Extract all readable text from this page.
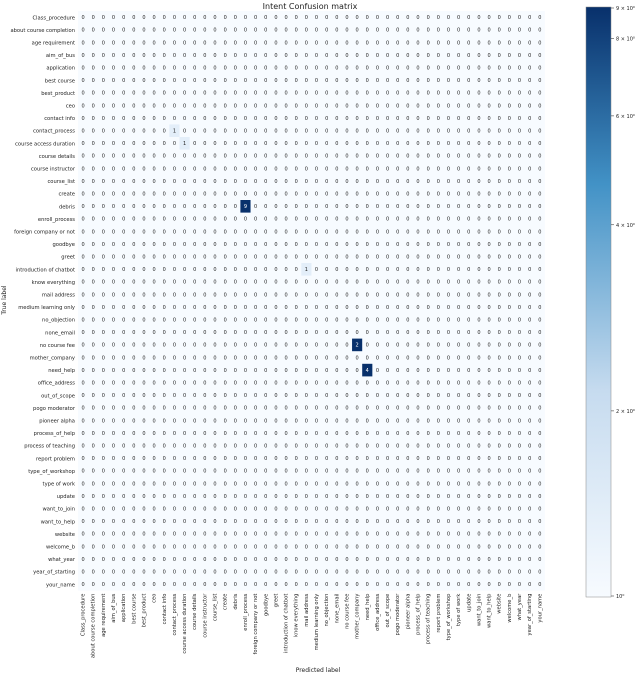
Intent Confusion matrix
0 0 0 0 0 0 0 0 0 0 0 0 0 0 0 0 0 0 0 0 0 0 0 0 0 0 0 0 0 0 0 0 0 0 0 0 0 0 0 0 0 0 0 0 0 0
0 0 0 0 0 0 0 0 0 0 0 0 0 0 0 0 0 0 0 0 0 0 0 0 0 0 0 0 0 0 0 0 0 0 0 0 0 0 0 0 0 0 0 0 0 0
0 0 0 0 0 0 0 0 0 0 0 0 0 0 0 0 0 0 0 0 0 0 0 0 0 0 0 0 0 0 0 0 0 0 0 0 0 0 0 0 0 0 0 0 0 0
0 0 0 0 0 0 0 0 0 0 0 0 0 0 0 0 0 0 0 0 0 0 0 0 0 0 0 0 0 0 0 0 0 0 0 0 0 0 0 0 0 0 0 0 0 0
0 0 0 0 0 0 0 0 0 0 0 0 0 0 0 0 0 0 0 0 0 0 0 0 0 0 0 0 0 0 0 0 0 0 0 0 0 0 0 0 0 0 0 0 0 0
0 0 0 0 0 0 0 0 0 0 0 0 0 0 0 0 0 0 0 0 0 0 0 0 0 0 0 0 0 0 0 0 0 0 0 0 0 0 0 0 0 0 0 0 0 0
0 0 0 0 0 0 0 0 0 0 0 0 0 0 0 0 0 0 0 0 0 0 0 0 0 0 0 0 0 0 0 0 0 0 0 0 0 0 0 0 0 0 0 0 0 0
0 0 0 0 0 0 0 0 0 0 0 0 0 0 0 0 0 0 0 0 0 0 0 0 0 0 0 0 0 0 0 0 0 0 0 0 0 0 0 0 0 0 0 0 0 0
0 0 0 0 0 0 0 0 0 0 0 0 0 0 0 0 0 0 0 0 0 0 0 0 0 0 0 0 0 0 0 0 0 0 0 0 0 0 0 0 0 0 0 0 0 0
0 0 0 0 0 0 0 0 0 1 0 0 0 0 0 0 0 0 0 0 0 0 0 0 0 0 0 0 0 0 0 0 0 0 0 0 0 0 0 0 0 0 0 0 0 0
0 0 0 0 0 0 0 0 0 0 1 0 0 0 0 0 0 0 0 0 0 0 0 0 0 0 0 0 0 0 0 0 0 0 0 0 0 0 0 0 0 0 0 0 0 0
0 0 0 0 0 0 0 0 0 0 0 0 0 0 0 0 0 0 0 0 0 0 0 0 0 0 0 0 0 0 0 0 0 0 0 0 0 0 0 0 0 0 0 0 0 0
0 0 0 0 0 0 0 0 0 0 0 0 0 0 0 0 0 0 0 0 0 0 0 0 0 0 0 0 0 0 0 0 0 0 0 0 0 0 0 0 0 0 0 0 0 0
0 0 0 0 0 0 0 0 0 0 0 0 0 0 0 0 0 0 0 0 0 0 0 0 0 0 0 0 0 0 0 0 0 0 0 0 0 0 0 0 0 0 0 0 0 0
0 0 0 0 0 0 0 0 0 0 0 0 0 0 0 0 0 0 0 0 0 0 0 0 0 0 0 0 0 0 0 0 0 0 0 0 0 0 0 0 0 0 0 0 0 0
0 0 0 0 0 0 0 0 0 0 0 0 0 0 0 0 9 0 0 0 0 0 0 0 0 0 0 0 0 0 0 0 0 0 0 0 0 0 0 0 0 0 0 0 0 0
0 0 0 0 0 0 0 0 0 0 0 0 0 0 0 0 0 0 0 0 0 0 0 0 0 0 0 0 0 0 0 0 0 0 0 0 0 0 0 0 0 0 0 0 0 0
0 0 0 0 0 0 0 0 0 0 0 0 0 0 0 0 0 0 0 0 0 0 0 0 0 0 0 0 0 0 0 0 0 0 0 0 0 0 0 0 0 0 0 0 0 0
0 0 0 0 0 0 0 0 0 0 0 0 0 0 0 0 0 0 0 0 0 0 0 0 0 0 0 0 0 0 0 0 0 0 0 0 0 0 0 0 0 0 0 0 0 0
0 0 0 0 0 0 0 0 0 0 0 0 0 0 0 0 0 0 0 0 0 0 0 0 0 0 0 0 0 0 0 0 0 0 0 0 0 0 0 0 0 0 0 0 0 0
0 0 0 0 0 0 0 0 0 0 0 0 0 0 0 0 0 0 0 0 0 0 1 0 0 0 0 0 0 0 0 0 0 0 0 0 0 0 0 0 0 0 0 0 0 0
0 0 0 0 0 0 0 0 0 0 0 0 0 0 0 0 0 0 0 0 0 0 0 0 0 0 0 0 0 0 0 0 0 0 0 0 0 0 0 0 0 0 0 0 0 0
0 0 0 0 0 0 0 0 0 0 0 0 0 0 0 0 0 0 0 0 0 0 0 0 0 0 0 0 0 0 0 0 0 0 0 0 0 0 0 0 0 0 0 0 0 0
0 0 0 0 0 0 0 0 0 0 0 0 0 0 0 0 0 0 0 0 0 0 0 0 0 0 0 0 0 0 0 0 0 0 0 0 0 0 0 0 0 0 0 0 0 0
0 0 0 0 0 0 0 0 0 0 0 0 0 0 0 0 0 0 0 0 0 0 0 0 0 0 0 0 0 0 0 0 0 0 0 0 0 0 0 0 0 0 0 0 0 0
0 0 0 0 0 0 0 0 0 0 0 0 0 0 0 0 0 0 0 0 0 0 0 0 0 0 0 0 0 0 0 0 0 0 0 0 0 0 0 0 0 0 0 0 0 0
0 0 0 0 0 0 0 0 0 0 0 0 0 0 0 0 0 0 0 0 0 0 0 0 0 0 0 2 0 0 0 0 0 0 0 0 0 0 0 0 0 0 0 0 0 0
0 0 0 0 0 0 0 0 0 0 0 0 0 0 0 0 0 0 0 0 0 0 0 0 0 0 0 0 0 0 0 0 0 0 0 0 0 0 0 0 0 0 0 0 0 0
0 0 0 0 0 0 0 0 0 0 0 0 0 0 0 0 0 0 0 0 0 0 0 0 0 0 0 0 4 0 0 0 0 0 0 0 0 0 0 0 0 0 0 0 0 0
0 0 0 0 0 0 0 0 0 0 0 0 0 0 0 0 0 0 0 0 0 0 0 0 0 0 0 0 0 0 0 0 0 0 0 0 0 0 0 0 0 0 0 0 0 0
0 0 0 0 0 0 0 0 0 0 0 0 0 0 0 0 0 0 0 0 0 0 0 0 0 0 0 0 0 0 0 0 0 0 0 0 0 0 0 0 0 0 0 0 0 0
0 0 0 0 0 0 0 0 0 0 0 0 0 0 0 0 0 0 0 0 0 0 0 0 0 0 0 0 0 0 0 0 0 0 0 0 0 0 0 0 0 0 0 0 0 0
0 0 0 0 0 0 0 0 0 0 0 0 0 0 0 0 0 0 0 0 0 0 0 0 0 0 0 0 0 0 0 0 0 0 0 0 0 0 0 0 0 0 0 0 0 0
0 0 0 0 0 0 0 0 0 0 0 0 0 0 0 0 0 0 0 0 0 0 0 0 0 0 0 0 0 0 0 0 0 0 0 0 0 0 0 0 0 0 0 0 0 0
0 0 0 0 0 0 0 0 0 0 0 0 0 0 0 0 0 0 0 0 0 0 0 0 0 0 0 0 0 0 0 0 0 0 0 0 0 0 0 0 0 0 0 0 0 0
0 0 0 0 0 0 0 0 0 0 0 0 0 0 0 0 0 0 0 0 0 0 0 0 0 0 0 0 0 0 0 0 0 0 0 0 0 0 0 0 0 0 0 0 0 0
0 0 0 0 0 0 0 0 0 0 0 0 0 0 0 0 0 0 0 0 0 0 0 0 0 0 0 0 0 0 0 0 0 0 0 0 0 0 0 0 0 0 0 0 0 0
0 0 0 0 0 0 0 0 0 0 0 0 0 0 0 0 0 0 0 0 0 0 0 0 0 0 0 0 0 0 0 0 0 0 0 0 0 0 0 0 0 0 0 0 0 0
0 0 0 0 0 0 0 0 0 0 0 0 0 0 0 0 0 0 0 0 0 0 0 0 0 0 0 0 0 0 0 0 0 0 0 0 0 0 0 0 0 0 0 0 0 0
0 0 0 0 0 0 0 0 0 0 0 0 0 0 0 0 0 0 0 0 0 0 0 0 0 0 0 0 0 0 0 0 0 0 0 0 0 0 0 0 0 0 0 0 0 0
0 0 0 0 0 0 0 0 0 0 0 0 0 0 0 0 0 0 0 0 0 0 0 0 0 0 0 0 0 0 0 0 0 0 0 0 0 0 0 0 0 0 0 0 0 0
0 0 0 0 0 0 0 0 0 0 0 0 0 0 0 0 0 0 0 0 0 0 0 0 0 0 0 0 0 0 0 0 0 0 0 0 0 0 0 0 0 0 0 0 0 0
0 0 0 0 0 0 0 0 0 0 0 0 0 0 0 0 0 0 0 0 0 0 0 0 0 0 0 0 0 0 0 0 0 0 0 0 0 0 0 0 0 0 0 0 0 0
0 0 0 0 0 0 0 0 0 0 0 0 0 0 0 0 0 0 0 0 0 0 0 0 0 0 0 0 0 0 0 0 0 0 0 0 0 0 0 0 0 0 0 0 0 0
0 0 0 0 0 0 0 0 0 0 0 0 0 0 0 0 0 0 0 0 0 0 0 0 0 0 0 0 0 0 0 0 0 0 0 0 0 0 0 0 0 0 0 0 0 0
0 0 0 0 0 0 0 0 0 0 0 0 0 0 0 0 0 0 0 0 0 0 0 0 0 0 0 0 0 0 0 0 0 0 0 0 0 0 0 0 0 0 0 0 0 0
Class_procedure
about course completion
age requirement
aim_of_bus
application
best course
best_product
ceo
contact info
contact_process
course access duration
course details
course instructor
course_list
create
debris
enroll_process
foreign company or not
goodbye
greet
introduction of chatbot
know everything
mail address
medium learning only
no_objection
none_email
no course fee
mother_company
need_help
office_address
out_of_scope
pogo moderator
pioneer alpha
process_of_help
process of teaching
report problem
type_of_workshop
type of work
update
want_to_join
want_to_help
website
welcome_b
what_year
year_of_starting
your_name
Class_procedure about course completion age requirement aim_of_bus application best course best_product ceo contact info contact_process course access duration course details course instructor course_list create debris enroll_process foreign company or not goodbye greet introduction of chatbot know everything mail address medium learning only no_objection none_email no course fee mother_company need_help office_address out_of_scope pogo moderator pioneer alpha process_of_help process of teaching report problem type_of_workshop type of work update want_to_join want_to_help website welcome_b what_year year_of_starting your_name
Predicted label
True label
10⁰
2 × 10⁰
4 × 10⁰
6 × 10⁰
8 × 10⁰
9 × 10⁰
